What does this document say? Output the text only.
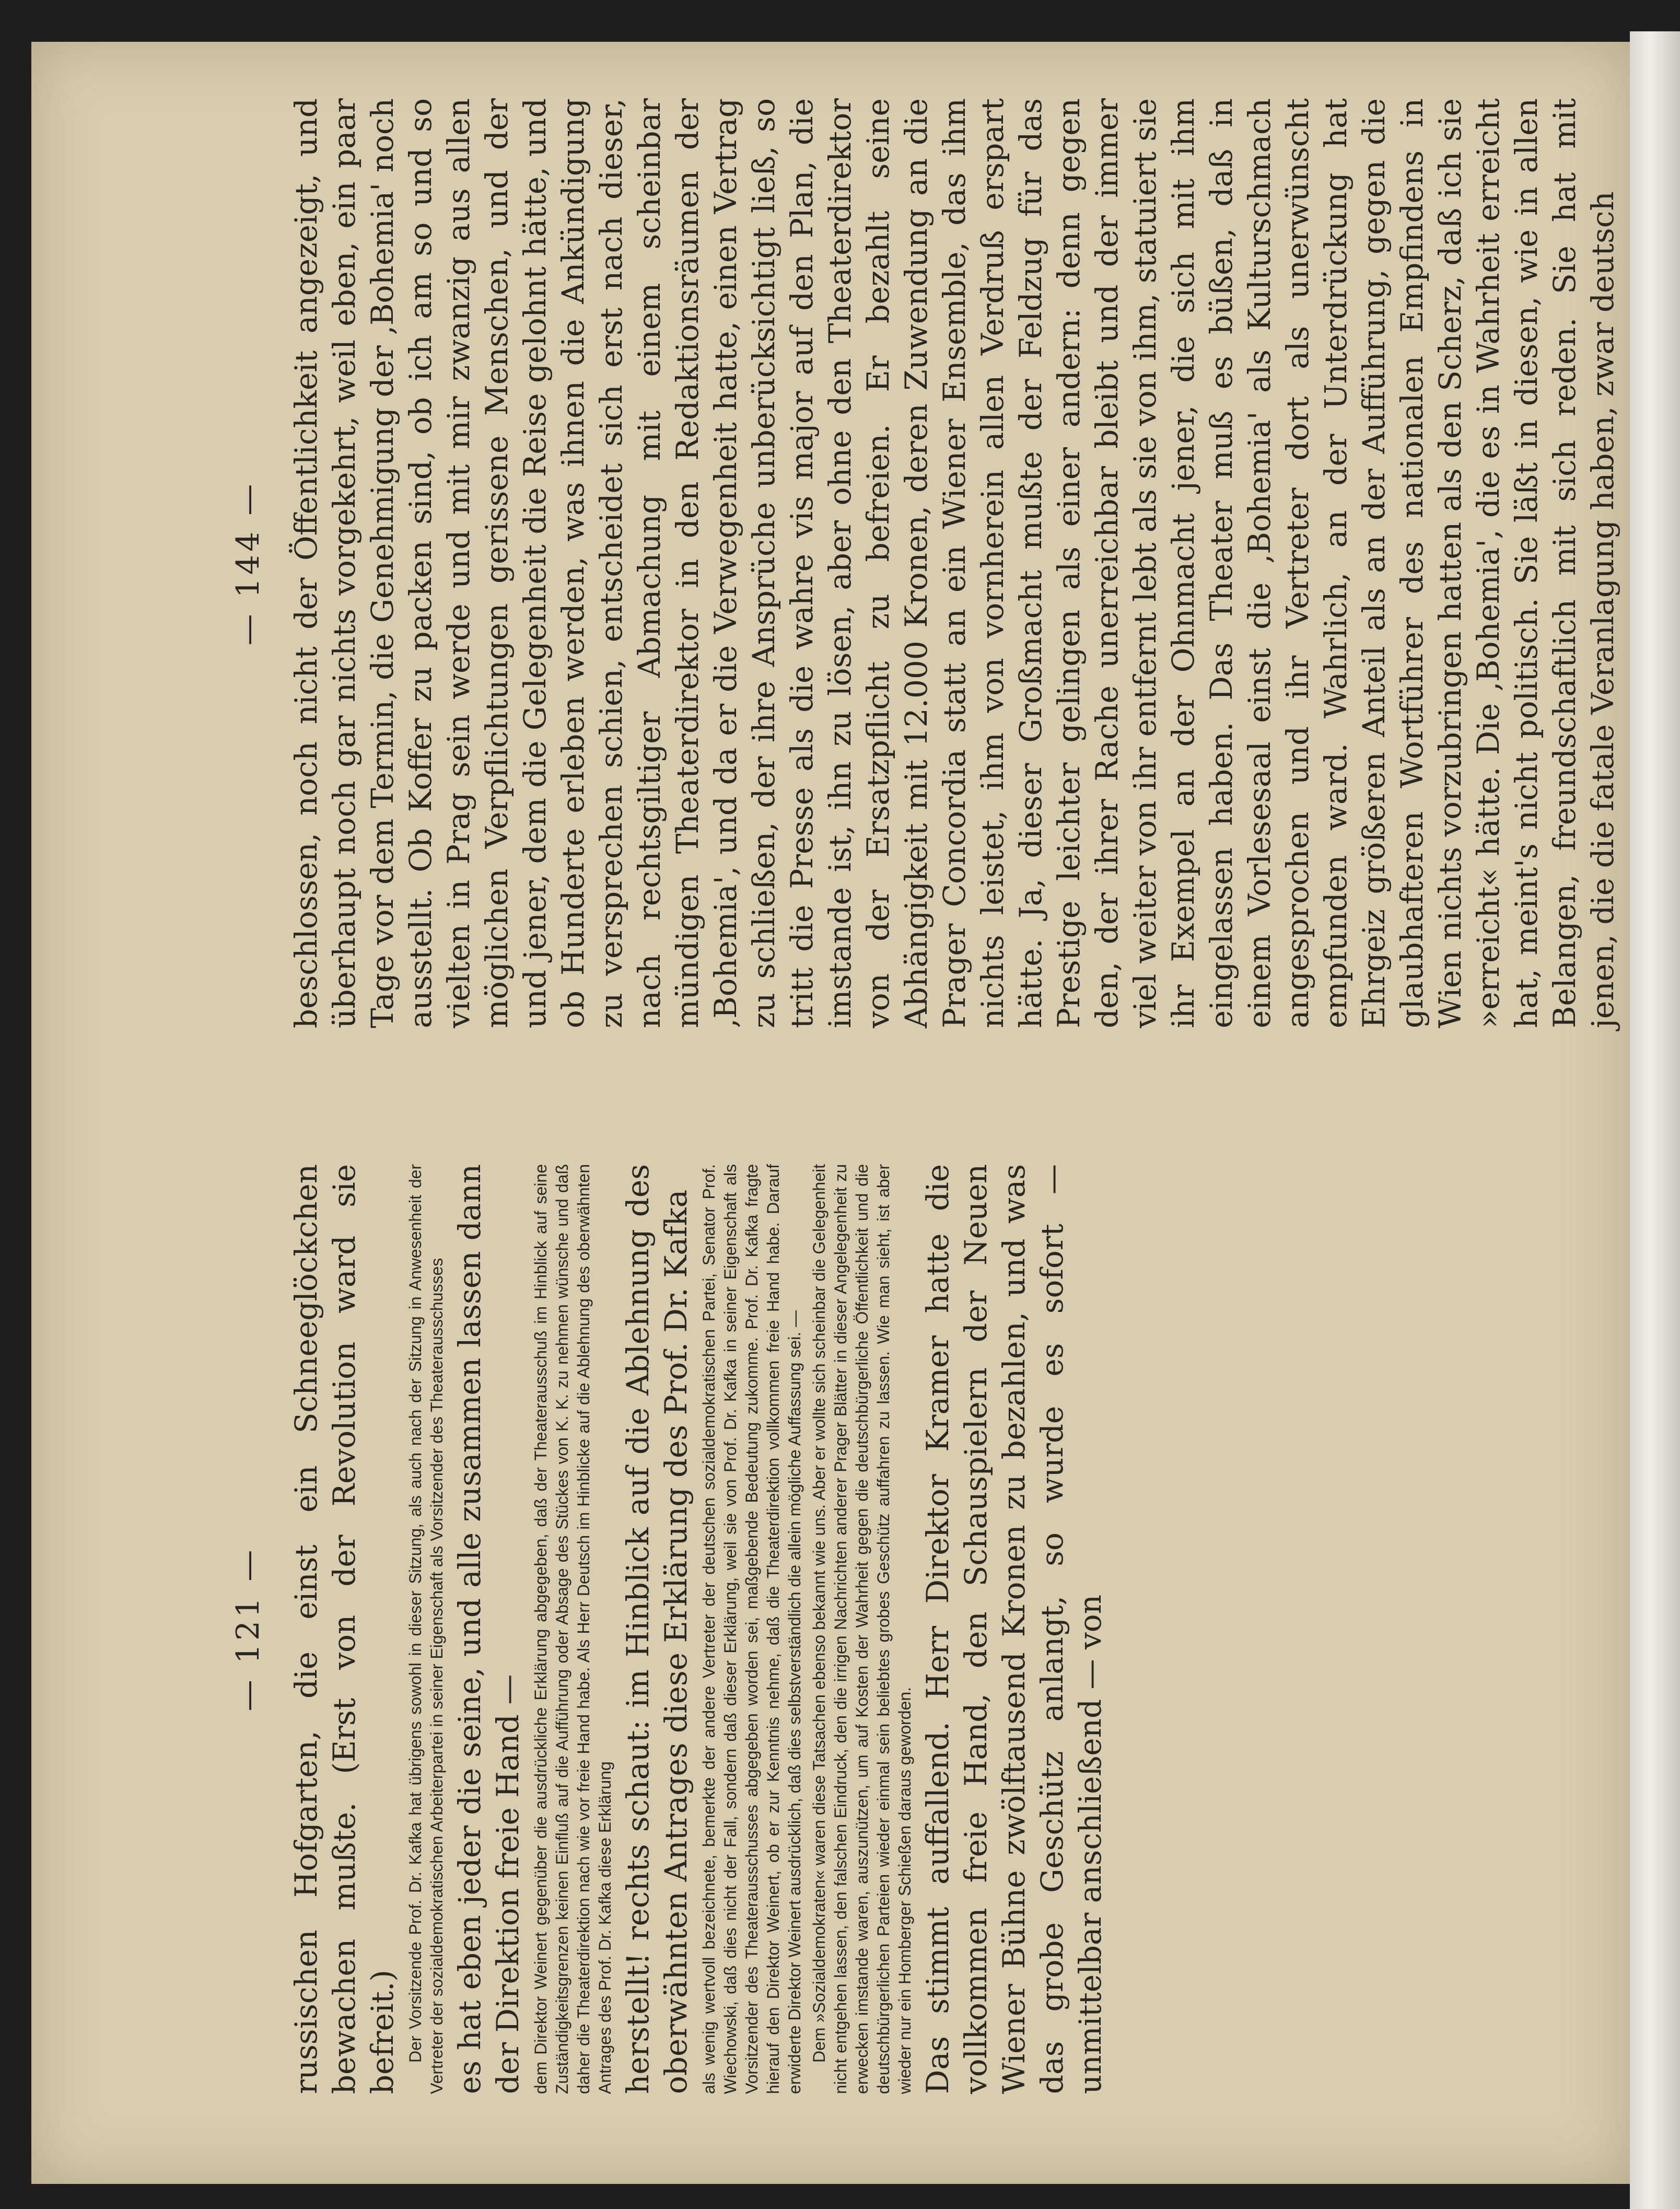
— 144 — beschlossen, noch nicht der Öffentlichkeit angezeigt, und überhaupt noch gar nichts vorgekehrt, weil eben, ein paar Tage vor dem Termin, die Genehmigung der ‚Bohemia' noch ausstellt. Ob Koffer zu packen sind, ob ich am so und so vielten in Prag sein werde und mit mir zwanzig aus allen möglichen Verpflichtungen gerissene Menschen, und der und jener, dem die Gelegenheit die Reise gelohnt hätte, und ob Hunderte erleben werden, was ihnen die Ankündigung zu versprechen schien, entscheidet sich erst nach dieser, nach rechtsgiltiger Abmachung mit einem scheinbar mündigen Theaterdirektor in den Redaktionsräumen der ‚Bohemia', und da er die Verwegenheit hatte, einen Vertrag zu schließen, der ihre Ansprüche unberücksichtigt ließ, so tritt die Presse als die wahre vis major auf den Plan, die imstande ist, ihn zu lösen, aber ohne den Theaterdirektor von der Ersatzpflicht zu befreien. Er bezahlt seine Abhängigkeit mit 12.000 Kronen, deren Zuwendung an die Prager Concordia statt an ein Wiener Ensemble, das ihm nichts leistet, ihm von vornherein allen Verdruß erspart hätte. Ja, dieser Großmacht mußte der Feldzug für das Prestige leichter gelingen als einer andern: denn gegen den, der ihrer Rache unerreichbar bleibt und der immer viel weiter von ihr entfernt lebt als sie von ihm, statuiert sie ihr Exempel an der Ohnmacht jener, die sich mit ihm eingelassen haben. Das Theater muß es büßen, daß in einem Vorlesesaal einst die ‚Bohemia' als Kulturschmach angesprochen und ihr Vertreter dort als unerwünscht empfunden ward. Wahrlich, an der Unterdrückung hat Ehrgeiz größeren Anteil als an der Aufführung, gegen die glaubhafteren Wortführer des nationalen Empfindens in Wien nichts vorzubringen hatten als den Scherz, daß ich sie »erreicht« hätte. Die ‚Bohemia', die es in Wahrheit erreicht hat, meint's nicht politisch. Sie läßt in diesen, wie in allen Belangen, freundschaftlich mit sich reden. Sie hat mit jenen, die die fatale Veranlagung haben, zwar deutsch

— 121 — russischen Hofgarten, die einst ein Schneeglöckchen bewachen mußte. (Erst von der Revolution ward sie befreit.) Der Vorsitzende Prof. Dr. Kafka hat übrigens sowohl in dieser Sitzung, als auch nach der Sitzung in Anwesenheit der Vertreter der sozialdemokratischen Arbeiterpartei in seiner Eigenschaft als Vorsitzender des Theaterausschusses es hat eben jeder die seine, und alle zusammen lassen dann der Direktion freie Hand — dem Direktor Weinert gegenüber die ausdrückliche Erklärung abgegeben, daß der Theaterausschuß im Hinblick auf seine Zuständigkeitsgrenzen keinen Einfluß auf die Aufführung oder Absage des Stückes von K. K. zu nehmen wünsche und daß daher die Theaterdirektion nach wie vor freie Hand habe. Als Herr Deutsch im Hinblicke auf die Ablehnung des oberwähnten Antrages des Prof. Dr. Kafka diese Erklärung herstellt! rechts schaut: im Hinblick auf die Ablehnung des oberwähnten Antrages diese Erklärung des Prof. Dr. Kafka als wenig wertvoll bezeichnete, bemerkte der andere Vertreter der deutschen sozialdemokratischen Partei, Senator Prof. Wiechowski, daß dies nicht der Fall, sondern daß dieser Erklärung, weil sie von Prof. Dr. Kafka in seiner Eigenschaft als Vorsitzender des Theaterausschusses abgegeben worden sei, maßgebende Bedeutung zukomme. Prof. Dr. Kafka fragte hierauf den Direktor Weinert, ob er zur Kenntnis nehme, daß die Theaterdirektion vollkommen freie Hand habe. Darauf erwiderte Direktor Weinert ausdrücklich, daß dies selbstverständlich die allein mögliche Auffassung sei. — Dem »Sozialdemokraten« waren diese Tatsachen ebenso bekannt wie uns. Aber er wollte sich scheinbar die Gelegenheit nicht entgehen lassen, den falschen Eindruck, den die irrigen Nachrichten anderer Prager Blätter in dieser Angelegenheit zu erwecken imstande waren, auszunützen, um auf Kosten der Wahrheit gegen die deutschbürgerliche Öffentlichkeit und die deutschbürgerlichen Parteien wieder einmal sein beliebtes grobes Geschütz auffahren zu lassen. Wie man sieht, ist aber wieder nur ein Homberger Schießen daraus geworden. Das stimmt auffallend. Herr Direktor Kramer hatte die vollkommen freie Hand, den Schauspielern der Neuen Wiener Bühne zwölftausend Kronen zu bezahlen, und was das grobe Geschütz anlangt, so wurde es sofort — unmittelbar anschließend — von
